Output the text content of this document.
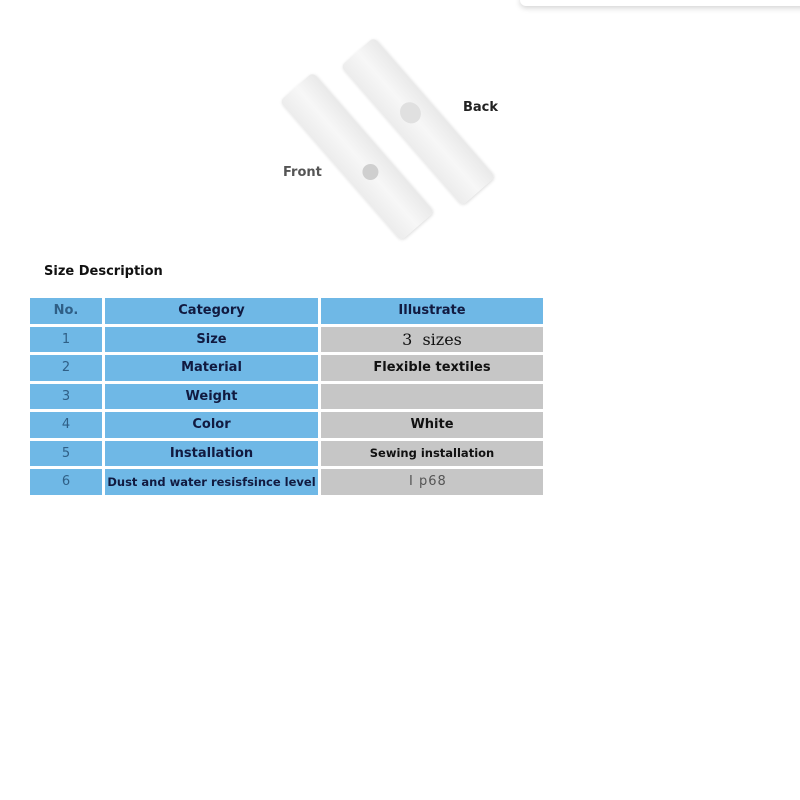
Front
Back
Size Description
No.	Category	Illustrate
1	Size	3  sizes
2	Material	Flexible textiles
3	Weight
4	Color	White
5	Installation	Sewing installation
6	Dust and water resisfsince level	I p68
